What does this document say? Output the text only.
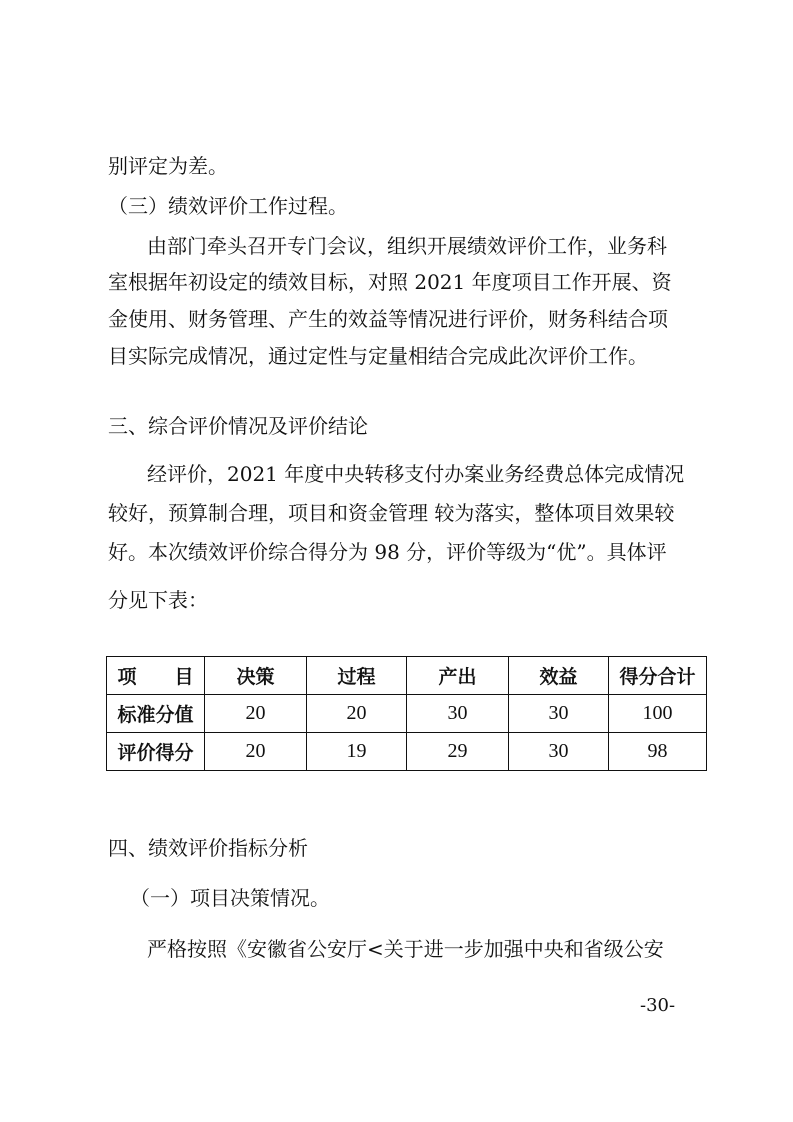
别评定为差。
（三）绩效评价工作过程。
由部门牵头召开专门会议，组织开展绩效评价工作，业务科
室根据年初设定的绩效目标，对照 2021 年度项目工作开展、资
金使用、财务管理、产生的效益等情况进行评价，财务科结合项
目实际完成情况，通过定性与定量相结合完成此次评价工作。
三、综合评价情况及评价结论
经评价，2021 年度中央转移支付办案业务经费总体完成情况
较好，预算制合理，项目和资金管理 较为落实，整体项目效果较
好。本次绩效评价综合得分为 98 分，评价等级为“优”。具体评
分见下表：
项　　目	决策	过程	产出	效益	得分合计
标准分值	20	20	30	30	100
评价得分	20	19	29	30	98
四、绩效评价指标分析
（一）项目决策情况。
严格按照《安徽省公安厅<关于进一步加强中央和省级公安
-30-
